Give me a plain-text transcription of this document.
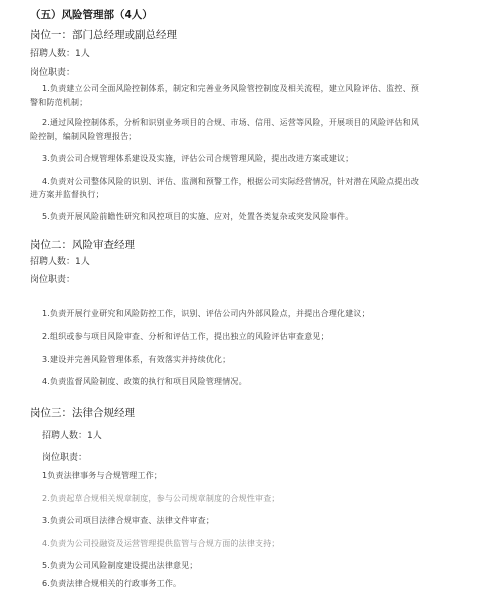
（五）风险管理部（4人）
岗位一：部门总经理或副总经理
招聘人数：1人
岗位职责：
1.负责建立公司全面风险控制体系，制定和完善业务风险管控制度及相关流程，建立风险评估、监控、预
警和防范机制；
2.通过风险控制体系，分析和识别业务项目的合规、市场、信用、运营等风险，开展项目的风险评估和风
险控制，编制风险管理报告；
3.负责公司合规管理体系建设及实施，评估公司合规管理风险，提出改进方案或建议；
4.负责对公司整体风险的识别、评估、监测和预警工作，根据公司实际经营情况，针对潜在风险点提出改
进方案并监督执行；
5.负责开展风险前瞻性研究和风控项目的实施、应对，处置各类复杂或突发风险事件。
岗位二：风险审查经理
招聘人数：1人
岗位职责：
1.负责开展行业研究和风险防控工作，识别、评估公司内外部风险点，并提出合理化建议；
2.组织或参与项目风险审查、分析和评估工作，提出独立的风险评估审查意见；
3.建设并完善风险管理体系，有效落实并持续优化；
4.负责监督风险制度、政策的执行和项目风险管理情况。
岗位三：法律合规经理
招聘人数：1人
岗位职责：
1负责法律事务与合规管理工作；
2.负责起草合规相关规章制度，参与公司规章制度的合规性审查；
3.负责公司项目法律合规审查、法律文件审查；
4.负责为公司投融资及运营管理提供监管与合规方面的法律支持；
5.负责为公司风险制度建设提出法律意见；
6.负责法律合规相关的行政事务工作。
